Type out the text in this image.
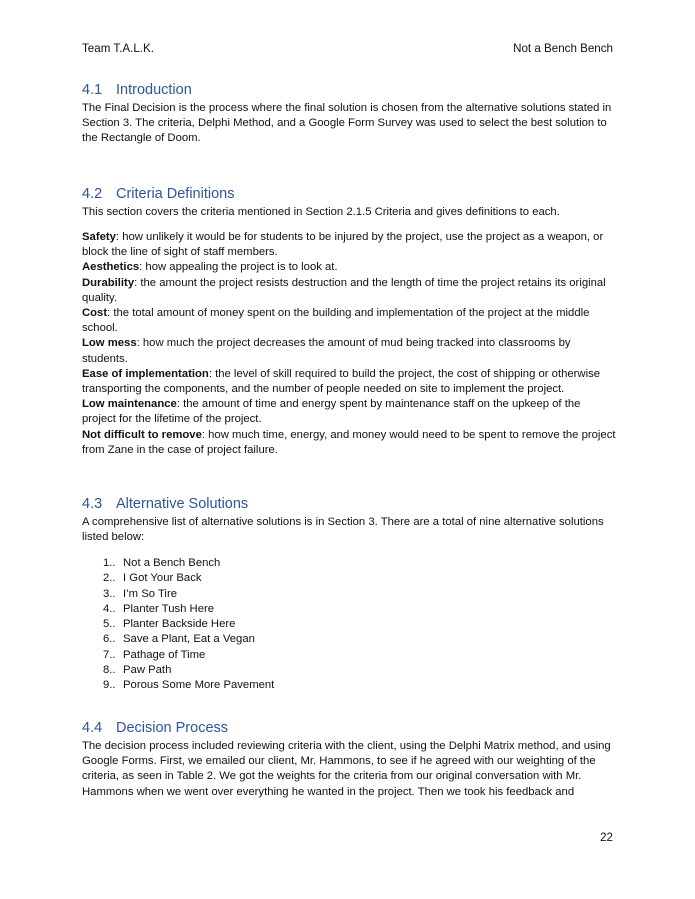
Team T.A.L.K.	Not a Bench Bench
4.1 Introduction

The Final Decision is the process where the final solution is chosen from the alternative solutions stated in Section 3. The criteria, Delphi Method, and a Google Form Survey was used to select the best solution to the Rectangle of Doom.

4.2 Criteria Definitions

This section covers the criteria mentioned in Section 2.1.5 Criteria and gives definitions to each.

Safety: how unlikely it would be for students to be injured by the project, use the project as a weapon, or block the line of sight of staff members.

Aesthetics: how appealing the project is to look at.

Durability: the amount the project resists destruction and the length of time the project retains its original quality.

Cost: the total amount of money spent on the building and implementation of the project at the middle school.

Low mess: how much the project decreases the amount of mud being tracked into classrooms by students.

Ease of implementation: the level of skill required to build the project, the cost of shipping or otherwise transporting the components, and the number of people needed on site to implement the project.

Low maintenance: the amount of time and energy spent by maintenance staff on the upkeep of the project for the lifetime of the project.

Not difficult to remove: how much time, energy, and money would need to be spent to remove the project from Zane in the case of project failure.

4.3 Alternative Solutions

A comprehensive list of alternative solutions is in Section 3. There are a total of nine alternative solutions listed below:

1.. Not a Bench Bench
2.. I Got Your Back
3.. I’m So Tire
4.. Planter Tush Here
5.. Planter Backside Here
6.. Save a Plant, Eat a Vegan
7.. Pathage of Time
8.. Paw Path
9.. Porous Some More Pavement
4.4 Decision Process

The decision process included reviewing criteria with the client, using the Delphi Matrix method, and using Google Forms. First, we emailed our client, Mr. Hammons, to see if he agreed with our weighting of the criteria, as seen in Table 2. We got the weights for the criteria from our original conversation with Mr. Hammons when we went over everything he wanted in the project. Then we took his feedback and

22
